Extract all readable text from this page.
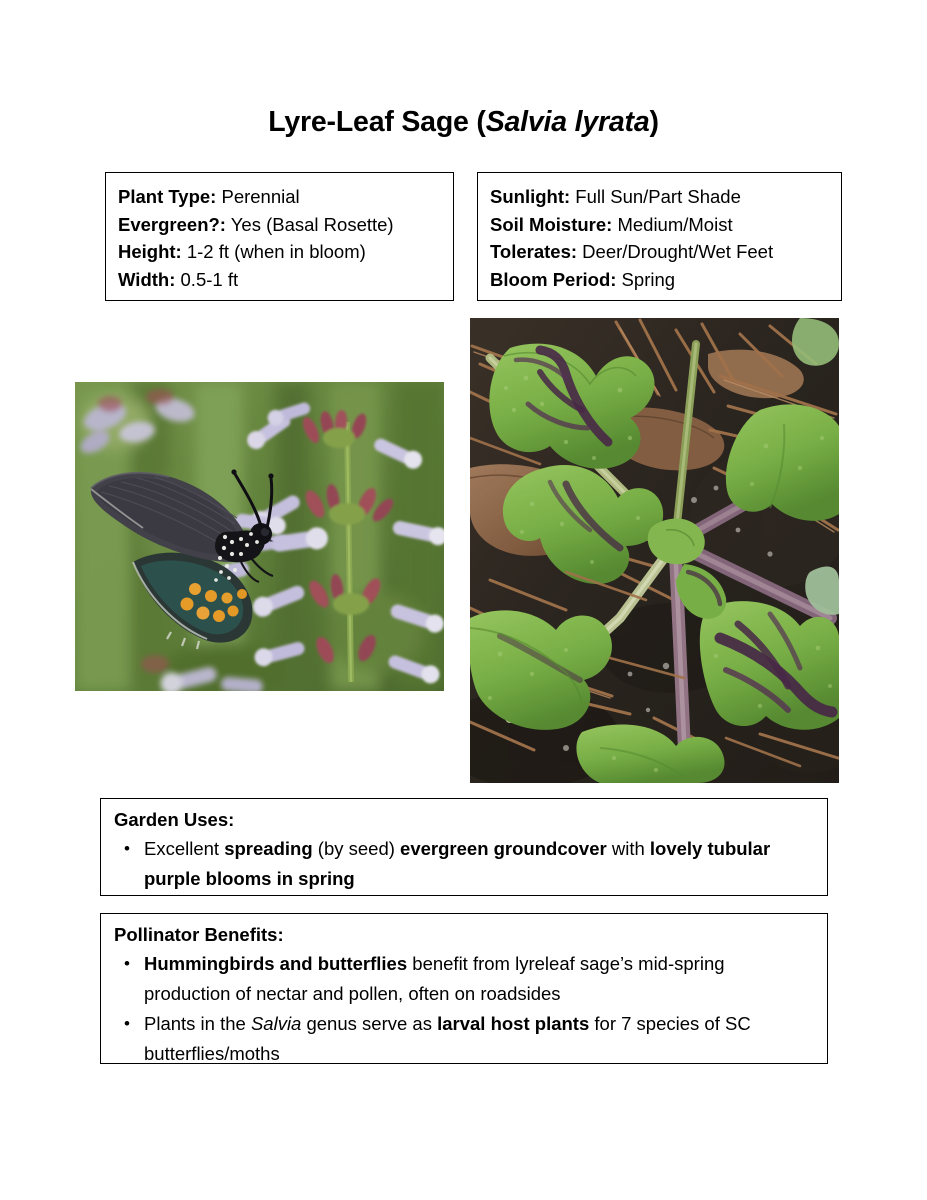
Lyre-Leaf Sage (Salvia lyrata)
Plant Type: Perennial
Evergreen?: Yes (Basal Rosette)
Height: 1-2 ft (when in bloom)
Width: 0.5-1 ft
Sunlight: Full Sun/Part Shade
Soil Moisture: Medium/Moist
Tolerates: Deer/Drought/Wet Feet
Bloom Period: Spring
Garden Uses:
• Excellent spreading (by seed) evergreen groundcover with lovely tubular purple blooms in spring
Pollinator Benefits:
• Hummingbirds and butterflies benefit from lyreleaf sage’s mid-spring production of nectar and pollen, often on roadsides
• Plants in the Salvia genus serve as larval host plants for 7 species of SC butterflies/moths
